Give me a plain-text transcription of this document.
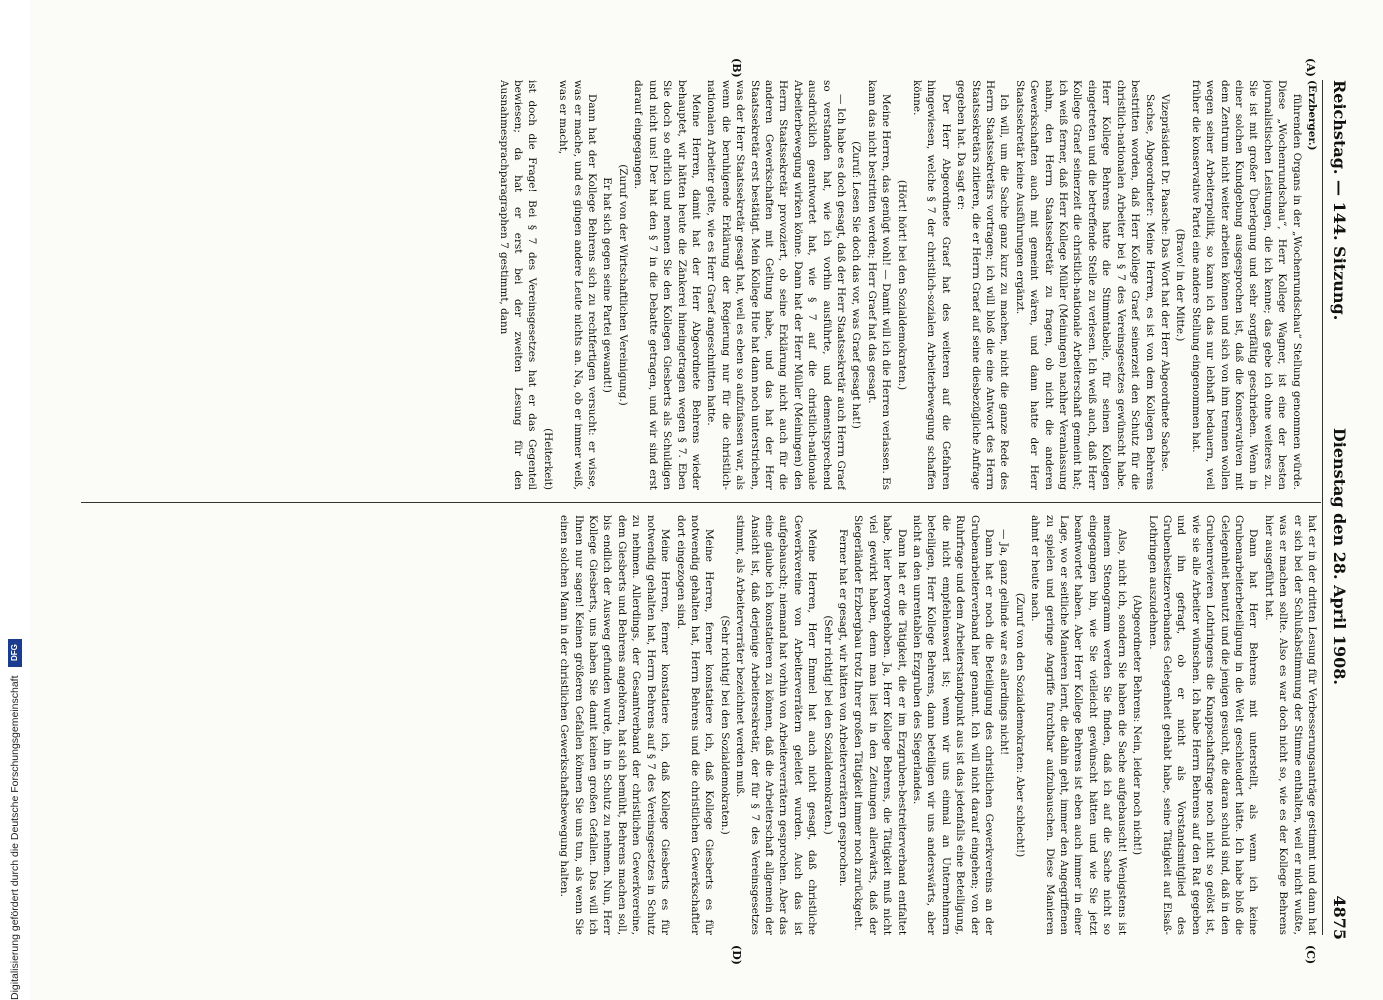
Reichstag. — 144. Sitzung.
Dienstag den 28. April 1908.
4875
(A)
(B)
(C)
(D)

(Erzberger.)

führenden Organs in der „Wochenrundschau“ Stellung genommen würde. Diese „Wochenrundschau“, Herr Kollege Wagner, ist eine der besten journalistischen Leistungen, die ich kenne; das gebe ich ohne weiteres zu. Sie ist mit großer Überlegung und sehr sorgfältig geschrieben. Wenn in einer solchen Kundgebung ausgesprochen ist, daß die Konservativen mit dem Zentrum nicht weiter arbeiten können und sich von ihm trennen wollen wegen seiner Arbeiterpolitik, so kann ich das nur lebhaft bedauern, weil früher die konservative Partei eine andere Stellung eingenommen hat.

(Bravo! in der Mitte.)

Vizepräsident Dr. Paasche: Das Wort hat der Herr Abgeordnete Sachse.

Sachse, Abgeordneter: Meine Herren, es ist von dem Kollegen Behrens bestritten worden, daß Herr Kollege Graef seinerzeit den Schutz für die christlich-nationalen Arbeiter bei § 7 des Vereinsgesetzes gewünscht habe. Herr Kollege Behrens hatte die Stimmtabelle, für seinen Kollegen eingetreten und die betreffende Stelle zu verlesen. Ich weiß auch, daß Herr Kollege Graef seinerzeit die christlich-nationale Arbeiterschaft gemeint hat; ich weiß ferner, daß Herr Kollege Müller (Meiningen) nachher Veranlassung nahm, den Herrn Staatssekretär zu fragen, ob nicht die anderen Gewerkschaften auch mit gemeint wären, und dann hatte der Herr Staatssekretär keine Ausführungen ergänzt.

Ich will, um die Sache ganz kurz zu machen, nicht die ganze Rede des Herrn Staatssekretärs vortragen; ich will bloß die eine Antwort des Herrn Staatssekretärs zitieren, die er Herrn Graef auf seine diesbezügliche Anfrage gegeben hat. Da sagt er:

Der Herr Abgeordnete Graef hat des weiteren auf die Gefahren hingewiesen, welche § 7 der christlich-sozialen Arbeiterbewegung schaffen könne.

(Hört! hört! bei den Sozialdemokraten.)

Meine Herren, das genügt wohl! — Damit will ich die Herren verlassen. Es kann das nicht bestritten werden; Herr Graef hat das gesagt.

(Zuruf: Lesen Sie doch das vor, was Graef gesagt hat!)

— Ich habe es doch gesagt, daß der Herr Staatssekretär auch Herrn Graef so verstanden hat, wie ich vorhin ausführte, und dementsprechend ausdrücklich geantwortet hat, wie § 7 auf die christlich-nationale Arbeiterbewegung wirken könne. Dann hat der Herr Müller (Meiningen) den Herrn Staatssekretär provoziert, ob seine Erklärung nicht auch für die anderen Gewerkschaften mit Geltung habe, und das hat der Herr Staatssekretär erst bestätigt. Mein Kollege Hue hat dann noch unterstrichen, was der Herr Staatssekretär gesagt hat, weil es eben so aufzufassen war, als wenn die beruhigende Erklärung der Regierung nur für die christlich-nationalen Arbeiter gelte, wie es Herr Graef angeschnitten hatte.

Meine Herren, damit hat der Herr Abgeordnete Behrens wieder behauptet, wir hätten heute die Zänkerei hineingetragen wegen § 7. Eben Sie doch so ehrlich und nennen Sie den Kollegen Giesberts als Schuldigen und nicht uns! Der hat den § 7 in die Debatte getragen, und wir sind erst darauf eingegangen.

(Zuruf von der Wirtschaftlichen Vereinigung.)

Er hat sich gegen seine Partei gewandt!)

Dann hat der Kollege Behrens sich zu rechtfertigen versucht: er wisse, was er mache, und es gingen andere Leute nichts an. Na, ob er immer weiß, was er macht,

(Heiterkeit)

ist doch die Frage! Bei § 7 des Vereinsgesetzes hat er das Gegenteil bewiesen; da hat er erst bei der zweiten Lesung für den Ausnahmesprachparagraphen 7 gestimmt, dann

hat er in der dritten Lesung für Verbesserungsanträge gestimmt und dann hat er sich bei der Schlußabstimmung der Stimme enthalten, weil er nicht wußte, was er machen sollte. Also es war doch nicht so, wie es der Kollege Behrens hier ausgeführt hat.

Dann hat Herr Behrens mit unterstellt, als wenn ich keine Grubenarbeiterbeteiligung in die Welt geschleudert hätte. Ich habe bloß die Gelegenheit benutzt und die jenigen gesucht, die daran schuld sind, daß in den Grubenrevieren Lothringens die Knappschaftsfrage noch nicht so gelöst ist, wie sie alle Arbeiter wünschen. Ich habe Herrn Behrens auf den Rat gegeben und ihn gefragt, ob er nicht als Vorstandsmitglied des Grubenbesitzerverbandes Gelegenheit gehabt habe, seine Tätigkeit auf Elsaß-Lothringen auszudehnen.

(Abgeordneter Behrens: Nein, leider noch nicht!)

Also, nicht ich, sondern Sie haben die Sache aufgebauscht! Wenigstens ist meinem Stenogramm werden Sie finden, daß ich auf die Sache nicht so eingegangen bin, wie Sie vielleicht gewünscht hätten und wie Sie jetzt beantwortet haben. Aber Herr Kollege Behrens ist eben auch immer in einer Lage, wo er seitliche Manieren lernt, die dahin geht, immer den Angegriffenen zu spielen und geringe Angriffe furchtbar aufzubauschen. Diese Manieren ahmt er heute nach.

(Zuruf von den Sozialdemokraten: Aber schlecht!)

— Ja, ganz gelinde war es allerdings nicht!

Dann hat er noch die Beteiligung des christlichen Gewerkvereins an der Grubenarbeiterverband hier genannt. Ich will nicht darauf eingehen; von der Ruhrfrage und dem Arbeiterstandpunkt aus ist das jedenfalls eine Beteiligung, die nicht empfehlenswert ist; wenn wir uns einmal an Unternehmern beteiligen, Herr Kollege Behrens, dann beteiligen wir uns anderswärts, aber nicht an den unrentablen Erzgruben des Siegerlandes.

Dann hat er die Tätigkeit, die er im Erzgruben-bestreiterverband entfaltet habe, hier hervorgehoben. Ja, Herr Kollege Behrens, die Tätigkeit muß nicht viel gewirkt haben, denn man liest in den Zeitungen allerwärts, daß der Siegerländer Erzbergbau trotz Ihrer großen Tätigkeit immer noch zurückgeht.

Ferner hat er gesagt, wir hätten von Arbeiterverrätern gesprochen.

(Sehr richtig! bei den Sozialdemokraten.)

Meine Herren, Herr Emmel hat auch nicht gesagt, daß christliche Gewerkvereine von Arbeiterverrätern geleitet wurden. Auch das ist aufgebauscht; niemand hat vorhin von Arbeiterverrätern gesprochen. Aber das eine glaube ich konstatieren zu können, daß die Arbeiterschaft allgemein der Ansicht ist, daß derjenige Arbeitersekretär, der für § 7 des Vereinsgesetzes stimmt, als Arbeiterverräter bezeichnet werden muß.

(Sehr richtig! bei den Sozialdemokraten.)

Meine Herren, ferner konstatiere ich, daß Kollege Giesberts es für notwendig gehalten hat, Herrn Behrens und die christlichen Gewerkschaftler dort eingezogen sind.

Meine Herren, ferner konstatiere ich, daß Kollege Giesberts es für notwendig gehalten hat, Herrn Behrens auf § 7 des Vereinsgesetzes in Schutz zu nehmen. Allerdings, der Gesamtverband der christlichen Gewerkvereine, dem Giesberts und Behrens angehören, hat sich bemüht, Behrens machen soll, bis endlich der Ausweg gefunden wurde, ihn in Schutz zu nehmen. Nun, Herr Kollege Giesberts, uns haben Sie damit keinen großen Gefallen. Das will ich Ihnen nur sagen! Keinen größeren Gefallen können Sie uns tun, als wenn Sie einen solchen Mann in der christlichen Gewerkschaftsbewegung halten.

Digitalisierung gefördert durch die Deutsche Forschungsgemeinschaft DFG
